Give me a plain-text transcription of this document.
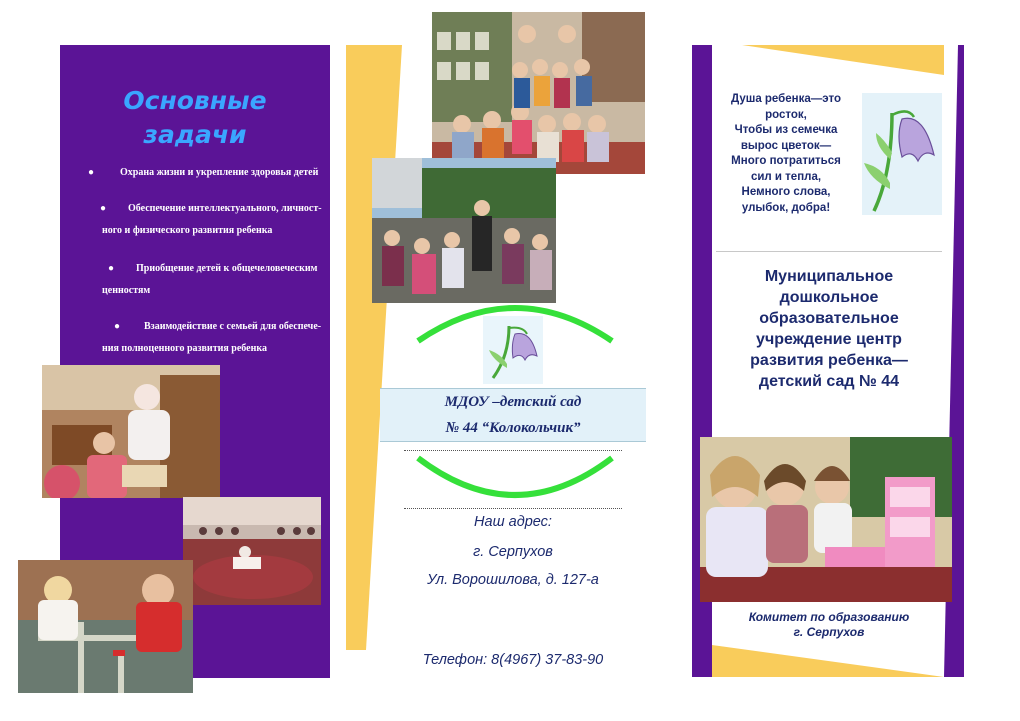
Основные
задачи
●	Охрана жизни и укрепление здоровья детей
●	Обеспечение интеллектуального, личност-
ного и физического развития ребенка
●	Приобщение детей к общечеловеческим
ценностям
●	Взаимодействие с семьей для обеспече-
ния полноценного развития ребенка
МДОУ –детский сад
№ 44 “Колокольчик”
Наш адрес:
г. Серпухов
Ул. Ворошилова, д. 127-а
Телефон: 8(4967) 37-83-90
Душа ребенка—это
росток,
Чтобы из семечка
вырос цветок—
Много потратиться
сил и тепла,
Немного слова,
улыбок, добра!
Муниципальное
дошкольное
образовательное
учреждение центр
развития ребенка—
детский сад № 44
Комитет по образованию
г. Серпухов
